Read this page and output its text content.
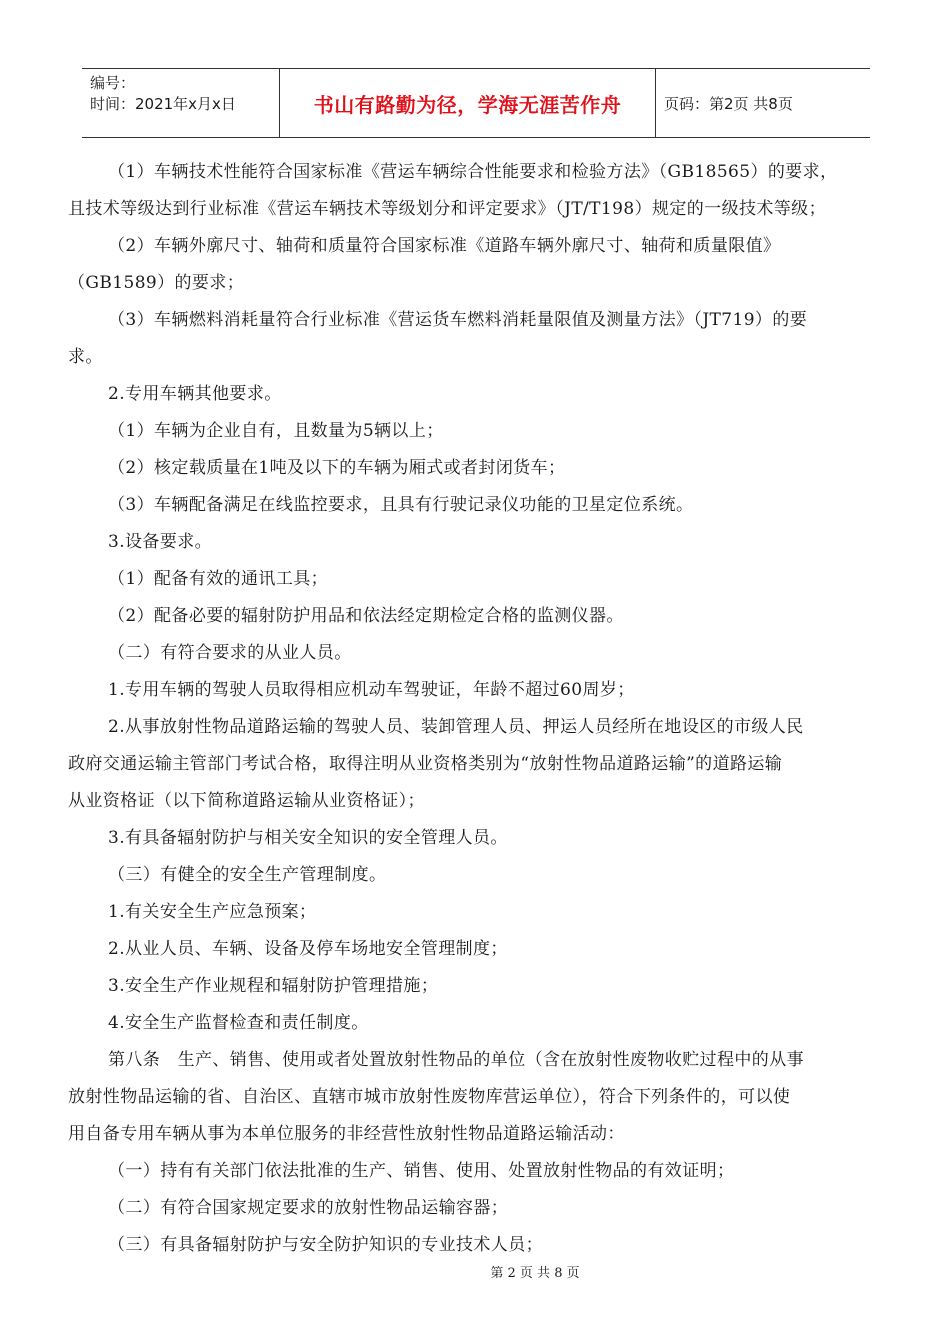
编号：
时间：2021年x月x日	书山有路勤为径，学海无涯苦作舟	页码：第2页 共8页

（1）车辆技术性能符合国家标准《营运车辆综合性能要求和检验方法》（GB18565）的要求，

且技术等级达到行业标准《营运车辆技术等级划分和评定要求》（JT/T198）规定的一级技术等级；

（2）车辆外廓尺寸、轴荷和质量符合国家标准《道路车辆外廓尺寸、轴荷和质量限值》

（GB1589）的要求；

（3）车辆燃料消耗量符合行业标准《营运货车燃料消耗量限值及测量方法》（JT719）的要

求。

2.专用车辆其他要求。

（1）车辆为企业自有，且数量为5辆以上；

（2）核定载质量在1吨及以下的车辆为厢式或者封闭货车；

（3）车辆配备满足在线监控要求，且具有行驶记录仪功能的卫星定位系统。

3.设备要求。

（1）配备有效的通讯工具；

（2）配备必要的辐射防护用品和依法经定期检定合格的监测仪器。

（二）有符合要求的从业人员。

1.专用车辆的驾驶人员取得相应机动车驾驶证，年龄不超过60周岁；

2.从事放射性物品道路运输的驾驶人员、装卸管理人员、押运人员经所在地设区的市级人民

政府交通运输主管部门考试合格，取得注明从业资格类别为“放射性物品道路运输”的道路运输

从业资格证（以下简称道路运输从业资格证）；

3.有具备辐射防护与相关安全知识的安全管理人员。

（三）有健全的安全生产管理制度。

1.有关安全生产应急预案；

2.从业人员、车辆、设备及停车场地安全管理制度；

3.安全生产作业规程和辐射防护管理措施；

4.安全生产监督检查和责任制度。

第八条　生产、销售、使用或者处置放射性物品的单位（含在放射性废物收贮过程中的从事

放射性物品运输的省、自治区、直辖市城市放射性废物库营运单位），符合下列条件的，可以使

用自备专用车辆从事为本单位服务的非经营性放射性物品道路运输活动：

（一）持有有关部门依法批准的生产、销售、使用、处置放射性物品的有效证明；

（二）有符合国家规定要求的放射性物品运输容器；

（三）有具备辐射防护与安全防护知识的专业技术人员；

第 2 页 共 8 页
